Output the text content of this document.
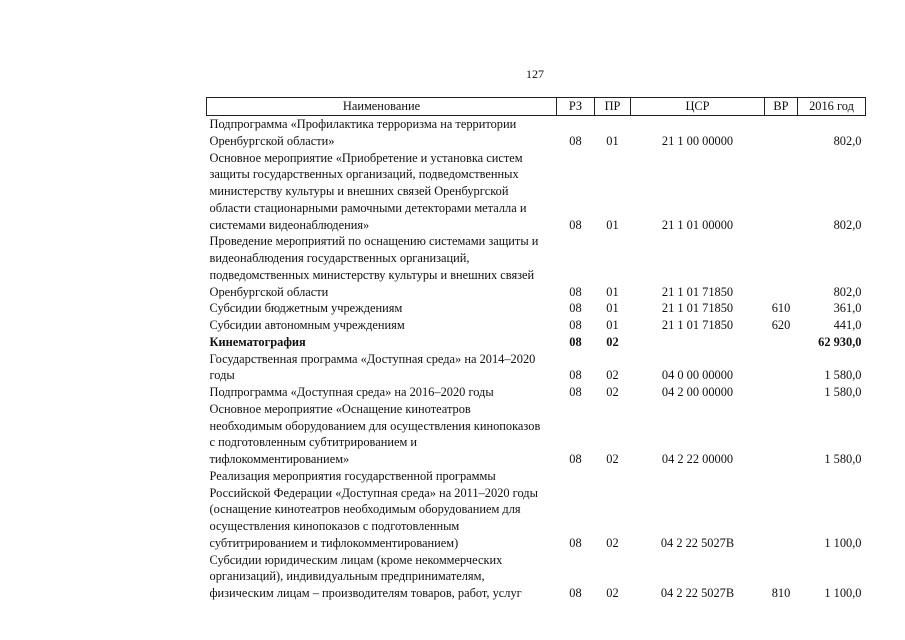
127
Наименование	РЗ	ПР	ЦСР	ВР	2016 год

Подпрограмма «Профилактика терроризма на территории
Оренбургской области»	08	01	21 1 00 00000		802,0

Основное мероприятие «Приобретение и установка систем
защиты государственных организаций, подведомственных
министерству культуры и внешних связей Оренбургской
области стационарными рамочными детекторами металла и
системами видеонаблюдения»	08	01	21 1 01 00000		802,0

Проведение мероприятий по оснащению системами защиты и
видеонаблюдения государственных организаций,
подведомственных министерству культуры и внешних связей
Оренбургской области	08	01	21 1 01 71850		802,0

Субсидии бюджетным учреждениям	08	01	21 1 01 71850	610	361,0

Субсидии автономным учреждениям	08	01	21 1 01 71850	620	441,0

Кинематография	08	02			62 930,0

Государственная программа «Доступная среда» на 2014–2020
годы	08	02	04 0 00 00000		1 580,0

Подпрограмма «Доступная среда» на 2016–2020 годы	08	02	04 2 00 00000		1 580,0

Основное мероприятие «Оснащение кинотеатров
необходимым оборудованием для осуществления кинопоказов
с подготовленным субтитрированием и
тифлокомментированием»	08	02	04 2 22 00000		1 580,0

Реализация мероприятия государственной программы
Российской Федерации «Доступная среда» на 2011–2020 годы
(оснащение кинотеатров необходимым оборудованием для
осуществления кинопоказов с подготовленным
субтитрированием и тифлокомментированием)	08	02	04 2 22 5027В		1 100,0

Субсидии юридическим лицам (кроме некоммерческих
организаций), индивидуальным предпринимателям,
физическим лицам – производителям товаров, работ, услуг	08	02	04 2 22 5027В	810	1 100,0
